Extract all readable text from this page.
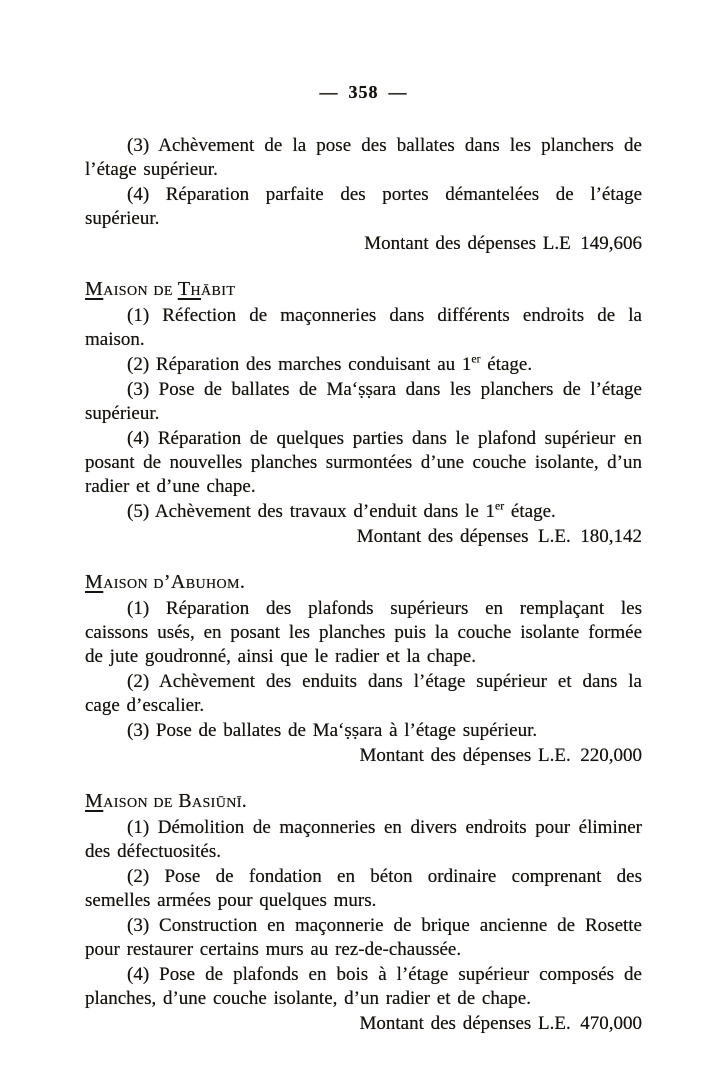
— 358 —
(3) Achèvement de la pose des ballates dans les planchers de l’étage supérieur.
(4) Réparation parfaite des portes démantelées de l’étage supérieur.
Montant des dépenses L.E 149,606
Maison de Thābit
(1) Réfection de maçonneries dans différents endroits de la maison.
(2) Réparation des marches conduisant au 1er étage.
(3) Pose de ballates de Ma‘ṣṣara dans les planchers de l’étage supérieur.
(4) Réparation de quelques parties dans le plafond supérieur en posant de nouvelles planches surmontées d’une couche isolante, d’un radier et d’une chape.
(5) Achèvement des travaux d’enduit dans le 1er étage.
Montant des dépenses L.E. 180,142
Maison d’Abuhom.
(1) Réparation des plafonds supérieurs en remplaçant les caissons usés, en posant les planches puis la couche isolante formée de jute goudronné, ainsi que le radier et la chape.
(2) Achèvement des enduits dans l’étage supérieur et dans la cage d’escalier.
(3) Pose de ballates de Ma‘ṣṣara à l’étage supérieur.
Montant des dépenses L.E. 220,000
Maison de Basiūnī.
(1) Démolition de maçonneries en divers endroits pour éliminer des défectuosités.
(2) Pose de fondation en béton ordinaire comprenant des semelles armées pour quelques murs.
(3) Construction en maçonnerie de brique ancienne de Rosette pour restaurer certains murs au rez-de-chaussée.
(4) Pose de plafonds en bois à l’étage supérieur composés de planches, d’une couche isolante, d’un radier et de chape.
Montant des dépenses L.E. 470,000
